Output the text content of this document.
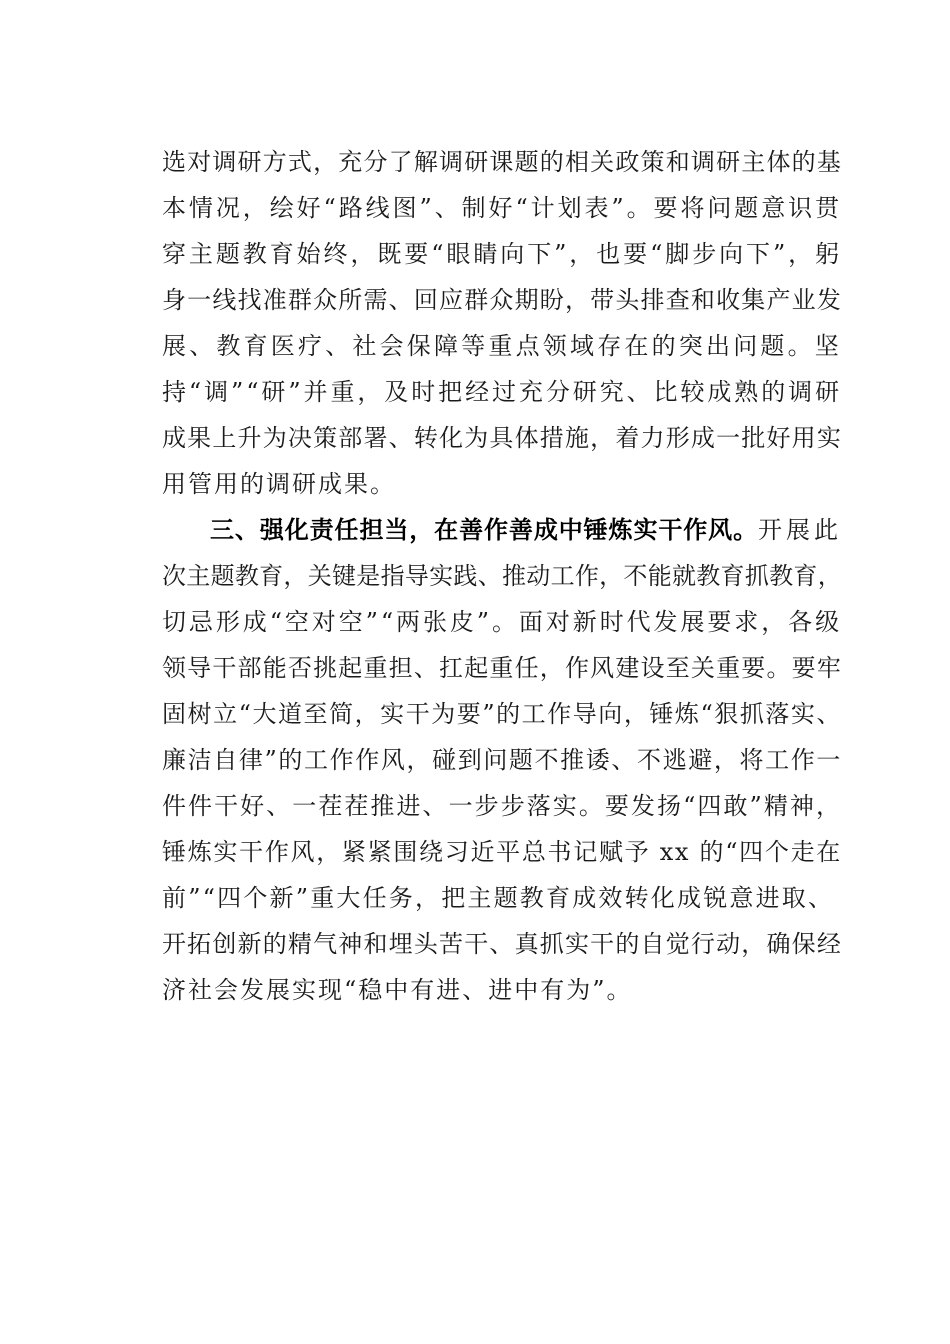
选对调研方式，充分了解调研课题的相关政策和调研主体的基
本情况，绘好“路线图”、制好“计划表”。要将问题意识贯
穿主题教育始终，既要“眼睛向下”，也要“脚步向下”，躬
身一线找准群众所需、回应群众期盼，带头排查和收集产业发
展、教育医疗、社会保障等重点领域存在的突出问题。坚
持“调”“研”并重，及时把经过充分研究、比较成熟的调研
成果上升为决策部署、转化为具体措施，着力形成一批好用实
用管用的调研成果。
三、强化责任担当，在善作善成中锤炼实干作风。开展此
次主题教育，关键是指导实践、推动工作，不能就教育抓教育，
切忌形成“空对空”“两张皮”。面对新时代发展要求，各级
领导干部能否挑起重担、扛起重任，作风建设至关重要。要牢
固树立“大道至简，实干为要”的工作导向，锤炼“狠抓落实、
廉洁自律”的工作作风，碰到问题不推诿、不逃避，将工作一
件件干好、一茬茬推进、一步步落实。要发扬“四敢”精神，
锤炼实干作风，紧紧围绕习近平总书记赋予 xx 的“四个走在
前”“四个新”重大任务，把主题教育成效转化成锐意进取、
开拓创新的精气神和埋头苦干、真抓实干的自觉行动，确保经
济社会发展实现“稳中有进、进中有为”。
